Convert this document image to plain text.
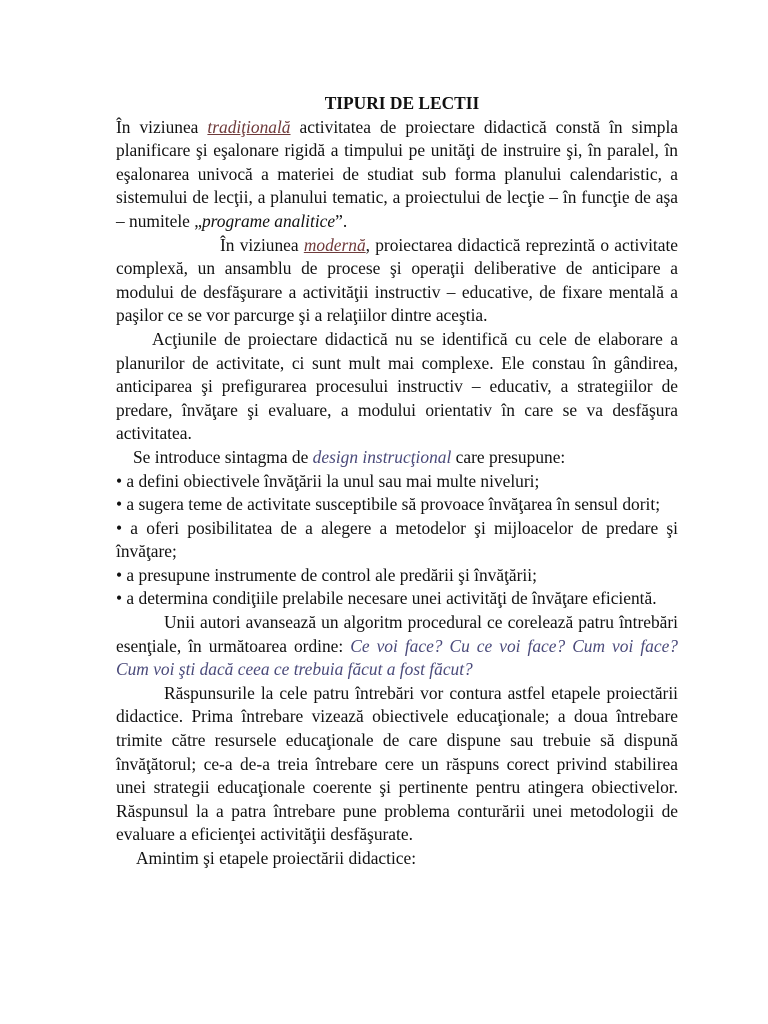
TIPURI DE LECTII

În viziunea tradiţională activitatea de proiectare didactică constă în simpla planificare şi eşalonare rigidă a timpului pe unităţi de instruire şi, în paralel, în eşalonarea univocă a materiei de studiat sub forma planului calendaristic, a sistemului de lecţii, a planului tematic, a proiectului de lecţie – în funcţie de aşa – numitele „programe analitice”.

În viziunea modernă, proiectarea didactică reprezintă o activitate complexă, un ansamblu de procese şi operaţii deliberative de anticipare a modului de desfăşurare a activităţii instructiv – educative, de fixare mentală a paşilor ce se vor parcurge şi a relaţiilor dintre aceştia.

Acţiunile de proiectare didactică nu se identifică cu cele de elaborare a planurilor de activitate, ci sunt mult mai complexe. Ele constau în gândirea, anticiparea şi prefigurarea procesului instructiv – educativ, a strategiilor de predare, învăţare şi evaluare, a modului orientativ în care se va desfăşura activitatea.

Se introduce sintagma de design instrucţional care presupune:

• a defini obiectivele învăţării la unul sau mai multe niveluri;

• a sugera teme de activitate susceptibile să provoace învăţarea în sensul dorit;

• a oferi posibilitatea de a alegere a metodelor şi mijloacelor de predare şi învăţare;

• a presupune instrumente de control ale predării şi învăţării;

• a determina condiţiile prelabile necesare unei activităţi de învăţare eficientă.

Unii autori avansează un algoritm procedural ce corelează patru întrebări esenţiale, în următoarea ordine: Ce voi face? Cu ce voi face? Cum voi face? Cum voi şti dacă ceea ce trebuia făcut a fost făcut?

Răspunsurile la cele patru întrebări vor contura astfel etapele proiectării didactice. Prima întrebare vizează obiectivele educaţionale; a doua întrebare trimite către resursele educaţionale de care dispune sau trebuie să dispună învăţătorul; ce-a de-a treia întrebare cere un răspuns corect privind stabilirea unei strategii educaţionale coerente şi pertinente pentru atingera obiectivelor. Răspunsul la a patra întrebare pune problema conturării unei metodologii de evaluare a eficienţei activităţii desfăşurate.

Amintim şi etapele proiectării didactice:
